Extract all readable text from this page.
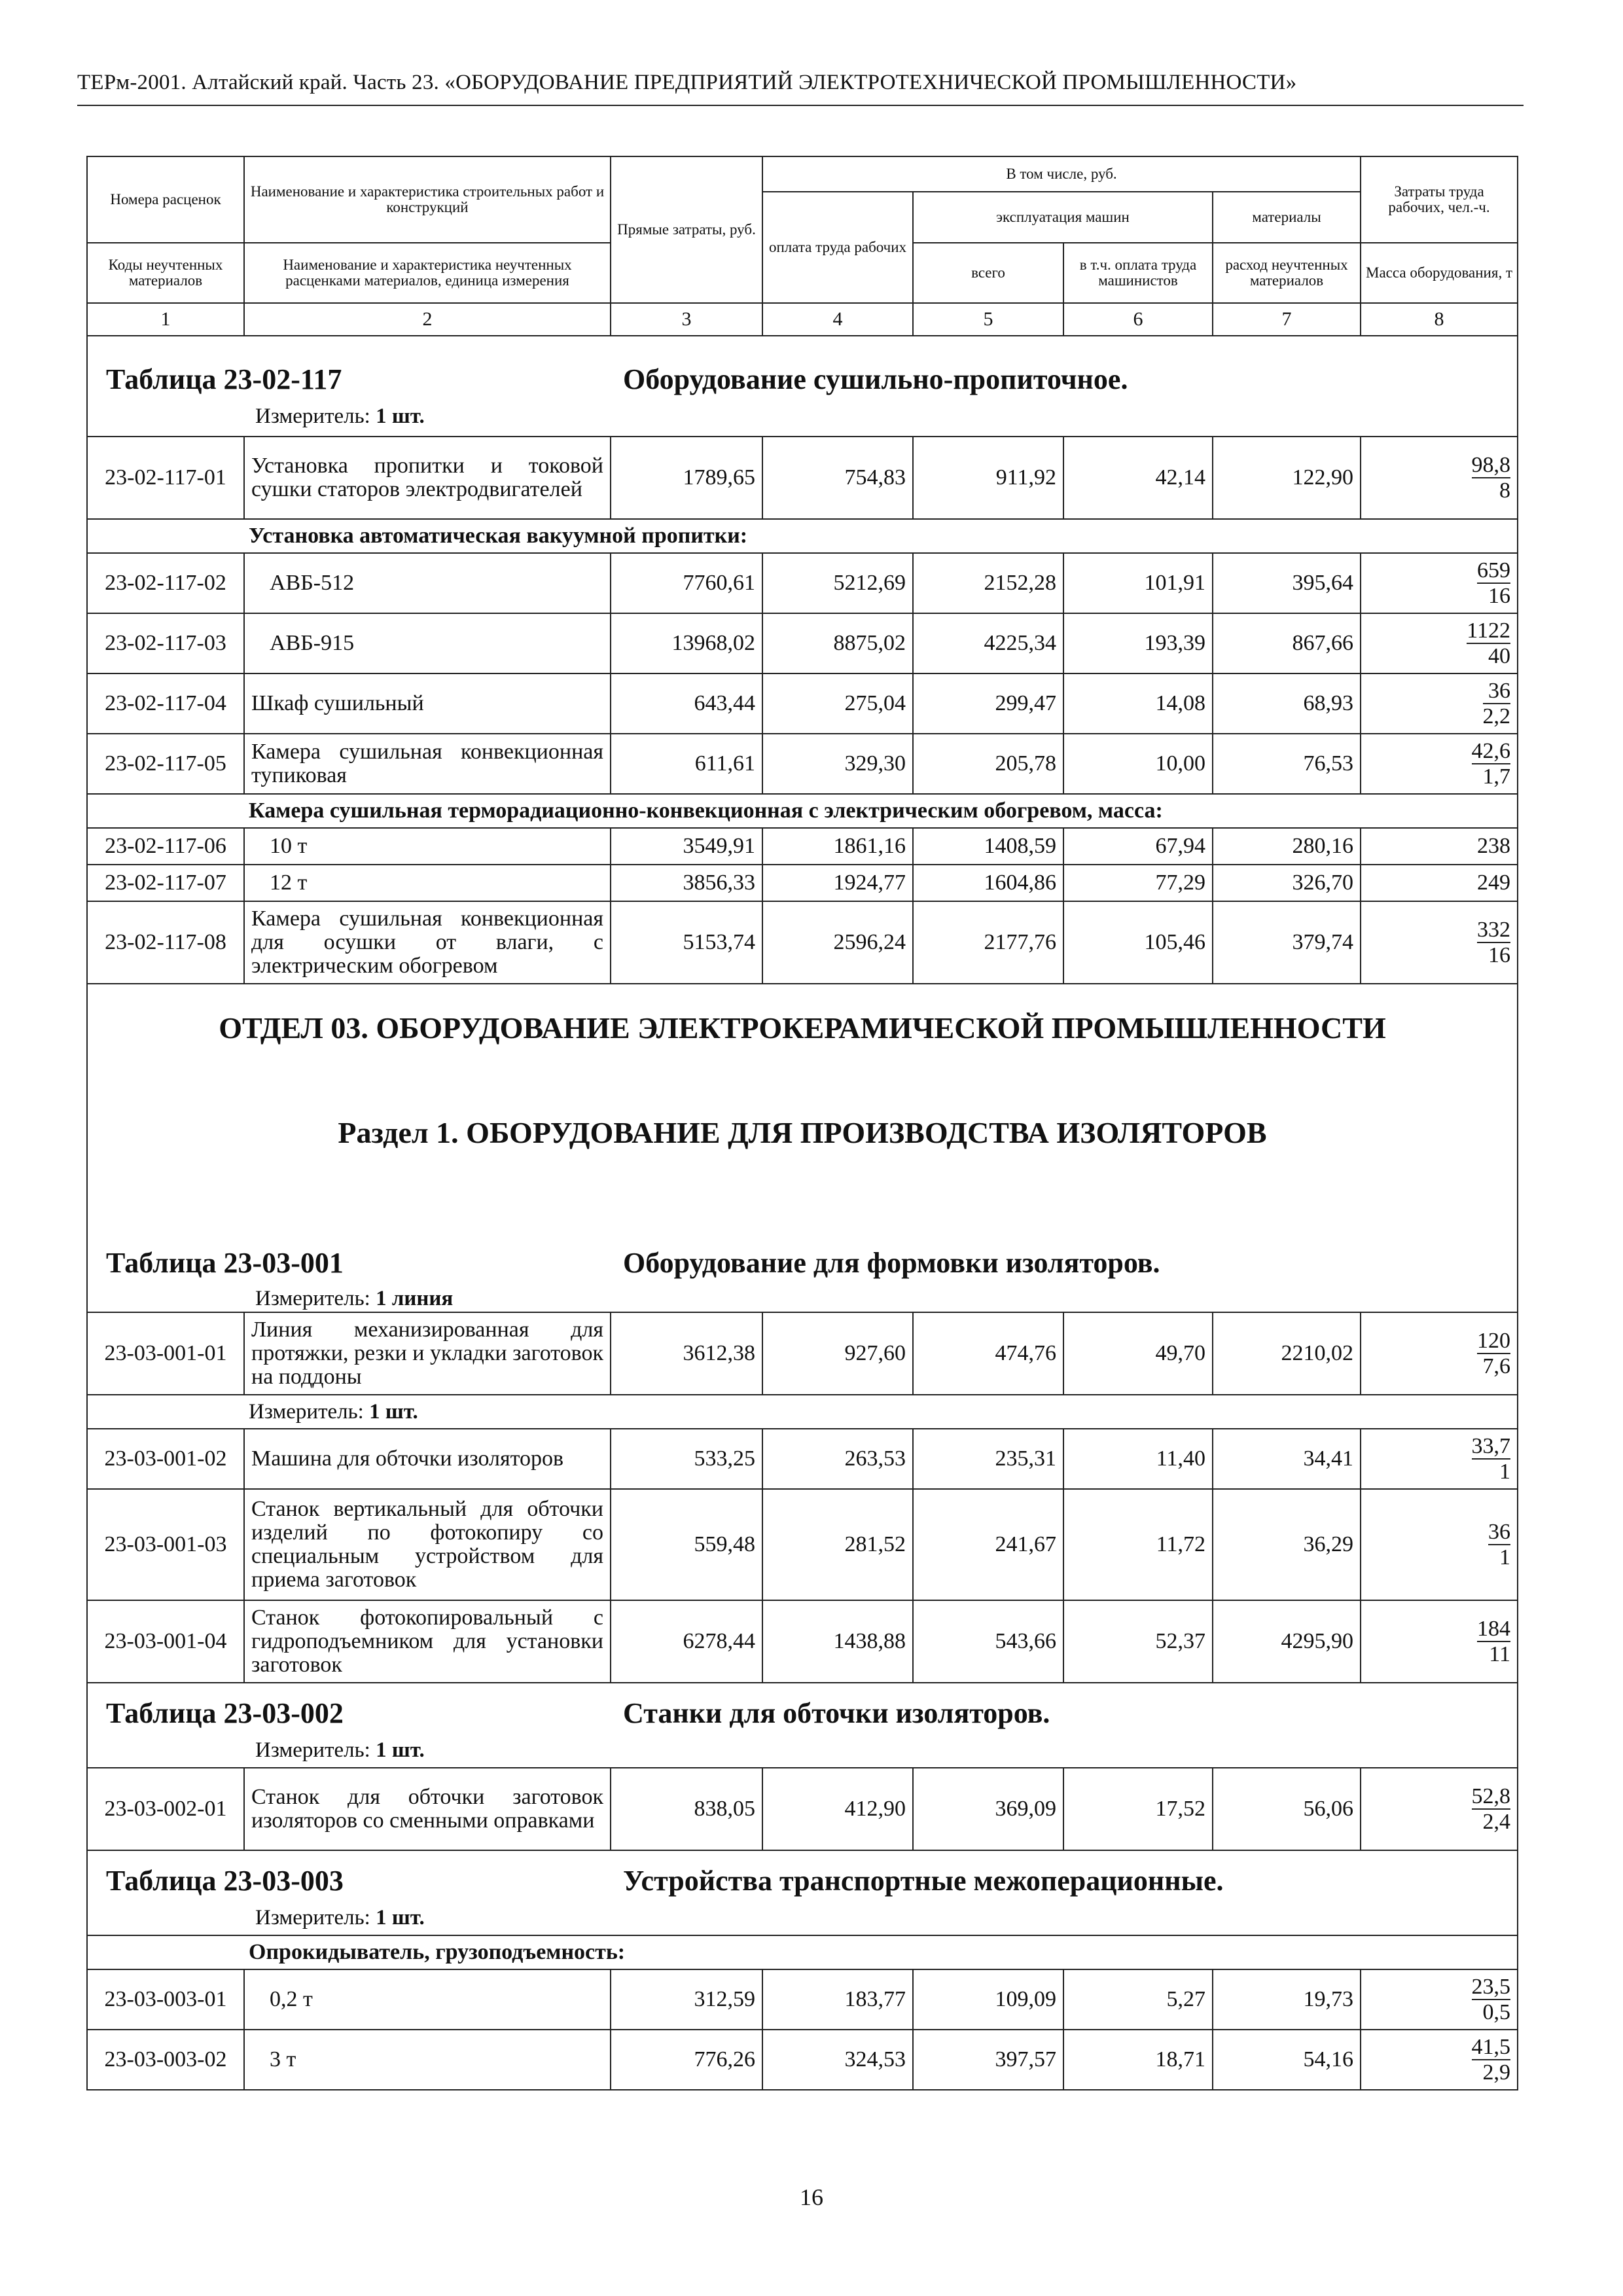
ТЕРм-2001. Алтайский край. Часть 23. «ОБОРУДОВАНИЕ ПРЕДПРИЯТИЙ ЭЛЕКТРОТЕХНИЧЕСКОЙ ПРОМЫШЛЕННОСТИ»
Номера расценок	Наименование и характеристика строительных работ и конструкций	Прямые затраты, руб.	В том числе, руб.				Затраты труда рабочих, чел.-ч.
			оплата труда рабочих	эксплуатация машин		материалы	
Коды неучтенных материалов	Наименование и характеристика неучтенных расценками материалов, единица измерения			всего	в т.ч. оплата труда машинистов	расход неучтенных материалов	Масса оборудования, т
1	2	3	4	5	6	7	8

Таблица 23-02-117 Оборудование сушильно-пропиточное.
Измеритель: 1 шт.							

23-02-117-01	Установка пропитки и токовой сушки статоров электродвигателей	1789,65	754,83	911,92	42,14	122,90	$\frac{98,8}{8}$

Установка автоматическая вакуумной пропитки:							
23-02-117-02	АВБ-512	7760,61	5212,69	2152,28	101,91	395,64	$\frac{659}{16}$

23-02-117-03	АВБ-915	13968,02	8875,02	4225,34	193,39	867,66	$\frac{1122}{40}$

23-02-117-04	Шкаф сушильный	643,44	275,04	299,47	14,08	68,93	$\frac{36}{2,2}$

23-02-117-05	Камера сушильная конвекционная тупиковая	611,61	329,30	205,78	10,00	76,53	$\frac{42,6}{1,7}$

Камера сушильная терморадиационно-конвекционная с электрическим обогревом, масса:							
23-02-117-06	10 т	3549,91	1861,16	1408,59	67,94	280,16	238
23-02-117-07	12 т	3856,33	1924,77	1604,86	77,29	326,70	249
23-02-117-08	Камера сушильная конвекционная для осушки от влаги, с электрическим обогревом	5153,74	2596,24	2177,76	105,46	379,74	$\frac{332}{16}$

ОТДЕЛ 03. ОБОРУДОВАНИЕ ЭЛЕКТРОКЕРАМИЧЕСКОЙ ПРОМЫШЛЕННОСТИ
Раздел 1. ОБОРУДОВАНИЕ ДЛЯ ПРОИЗВОДСТВА ИЗОЛЯТОРОВ
Таблица 23-03-001 Оборудование для формовки изоляторов.
Измеритель: 1 линия							

23-03-001-01	Линия механизированная для протяжки, резки и укладки заготовок на поддоны	3612,38	927,60	474,76	49,70	2210,02	$\frac{120}{7,6}$

Измеритель: 1 шт.							
23-03-001-02	Машина для обточки изоляторов	533,25	263,53	235,31	11,40	34,41	$\frac{33,7}{1}$

23-03-001-03	Станок вертикальный для обточки изделий по фотокопиру со специальным устройством для приема заготовок	559,48	281,52	241,67	11,72	36,29	$\frac{36}{1}$

23-03-001-04	Станок фотокопировальный с гидроподъемником для установки заготовок	6278,44	1438,88	543,66	52,37	4295,90	$\frac{184}{11}$

Таблица 23-03-002 Станки для обточки изоляторов.
Измеритель: 1 шт.							

23-03-002-01	Станок для обточки заготовок изоляторов со сменными оправками	838,05	412,90	369,09	17,52	56,06	$\frac{52,8}{2,4}$

Таблица 23-03-003 Устройства транспортные межоперационные.
Измеритель: 1 шт.							

Опрокидыватель, грузоподъемность:							
23-03-003-01	0,2 т	312,59	183,77	109,09	5,27	19,73	$\frac{23,5}{0,5}$

23-03-003-02	3 т	776,26	324,53	397,57	18,71	54,16	$\frac{41,5}{2,9}$
16
